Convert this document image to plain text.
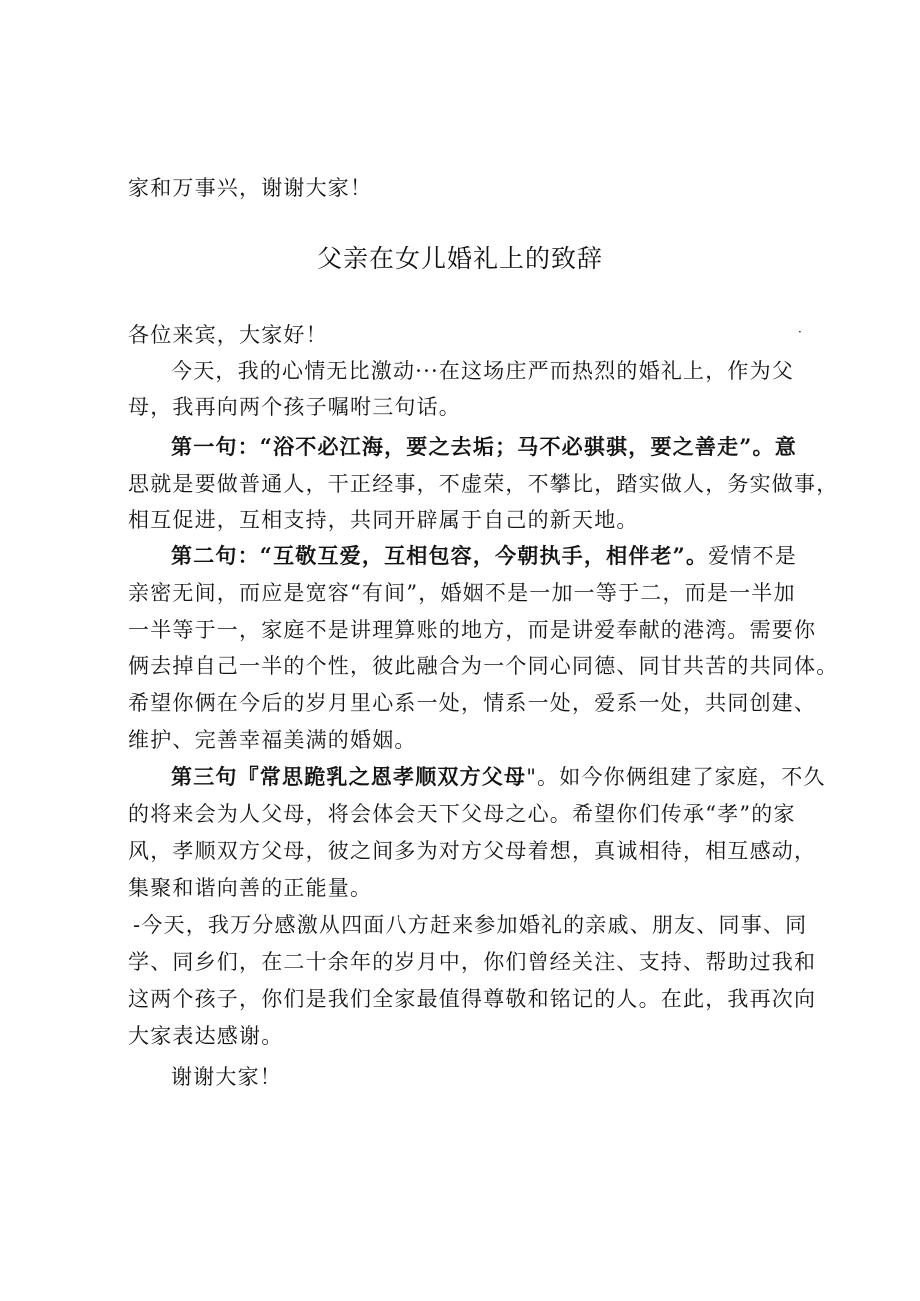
家和万事兴，谢谢大家！
父亲在女儿婚礼上的致辞
各位来宾，大家好！	·
今天，我的心情无比激动···在这场庄严而热烈的婚礼上，作为父
母，我再向两个孩子嘱咐三句话。
第一句：“浴不必江海，要之去垢；马不必骐骐，要之善走”。意
思就是要做普通人，干正经事，不虚荣，不攀比，踏实做人，务实做事，
相互促进，互相支持，共同开辟属于自己的新天地。
第二句：“互敬互爱，互相包容，今朝执手，相伴老”。爱情不是
亲密无间，而应是宽容“有间”，婚姻不是一加一等于二，而是一半加
一半等于一，家庭不是讲理算账的地方，而是讲爱奉献的港湾。需要你
俩去掉自己一半的个性，彼此融合为一个同心同德、同甘共苦的共同体。
希望你俩在今后的岁月里心系一处，情系一处，爱系一处，共同创建、
维护、完善幸福美满的婚姻。
第三句『常思跪乳之恩孝顺双方父母"。如今你俩组建了家庭，不久
的将来会为人父母，将会体会天下父母之心。希望你们传承“孝”的家
风，孝顺双方父母，彼之间多为对方父母着想，真诚相待，相互感动，
集聚和谐向善的正能量。
-今天，我万分感激从四面八方赶来参加婚礼的亲戚、朋友、同事、同
学、同乡们，在二十余年的岁月中，你们曾经关注、支持、帮助过我和
这两个孩子，你们是我们全家最值得尊敬和铭记的人。在此，我再次向
大家表达感谢。
谢谢大家！
